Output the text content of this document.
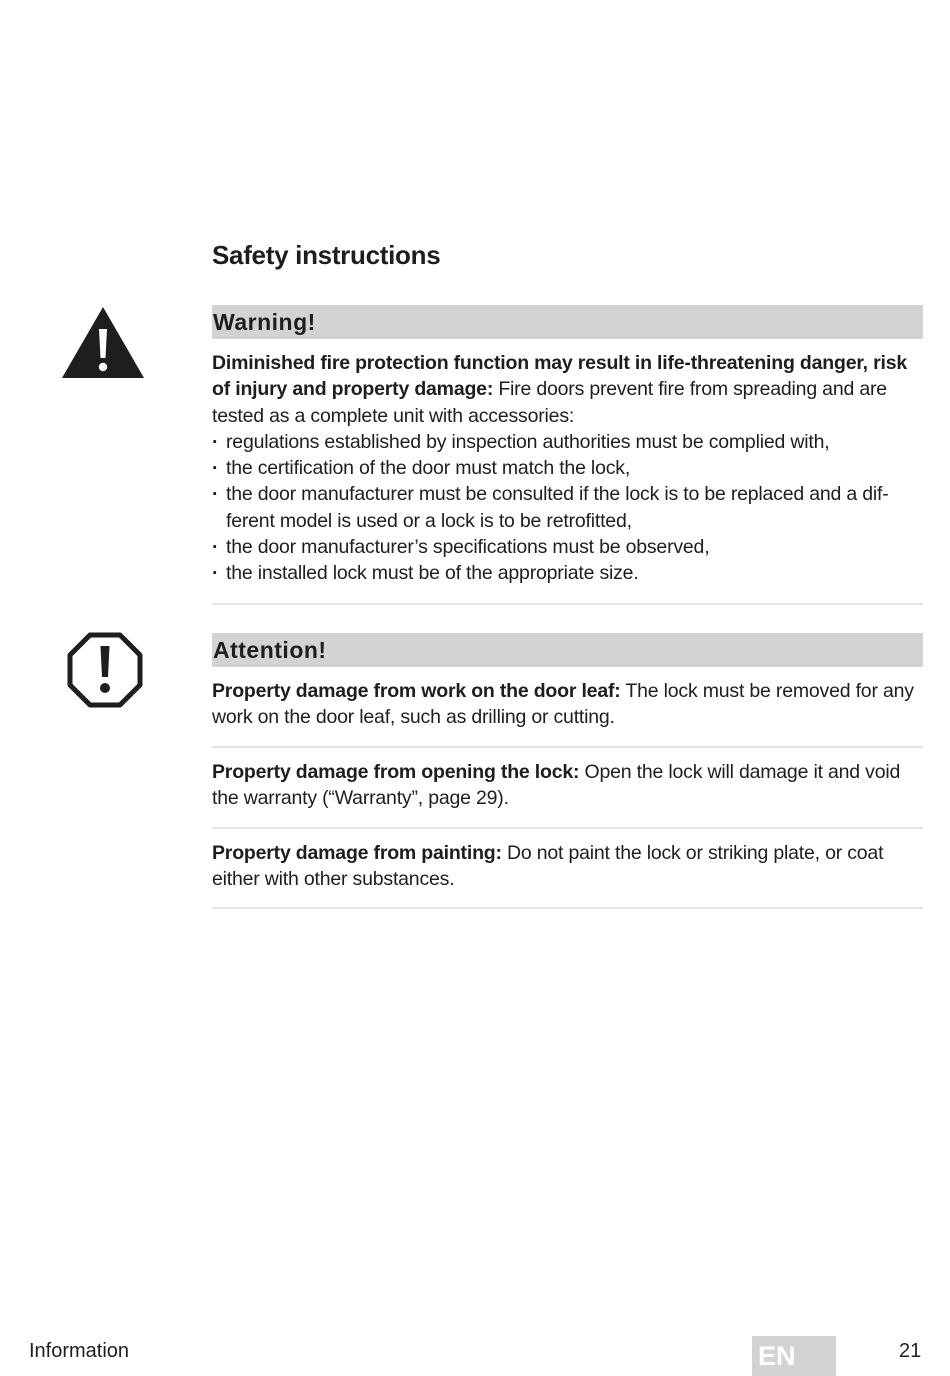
Safety instructions
Warning!

Diminished fire protection function may result in life-threatening danger, risk of injury and property damage: Fire doors prevent fire from spreading and are tested as a complete unit with accessories:

· regulations established by inspection authorities must be complied with,
· the certification of the door must match the lock,
· the door manufacturer must be consulted if the lock is to be replaced and a different model is used or a lock is to be retrofitted,
· the door manufacturer’s specifications must be observed,
· the installed lock must be of the appropriate size.
Attention!

Property damage from work on the door leaf: The lock must be removed for any work on the door leaf, such as drilling or cutting.

Property damage from opening the lock: Open the lock will damage it and void the warranty (“Warranty”, page 29).

Property damage from painting: Do not paint the lock or striking plate, or coat either with other substances.

Information	EN	21
